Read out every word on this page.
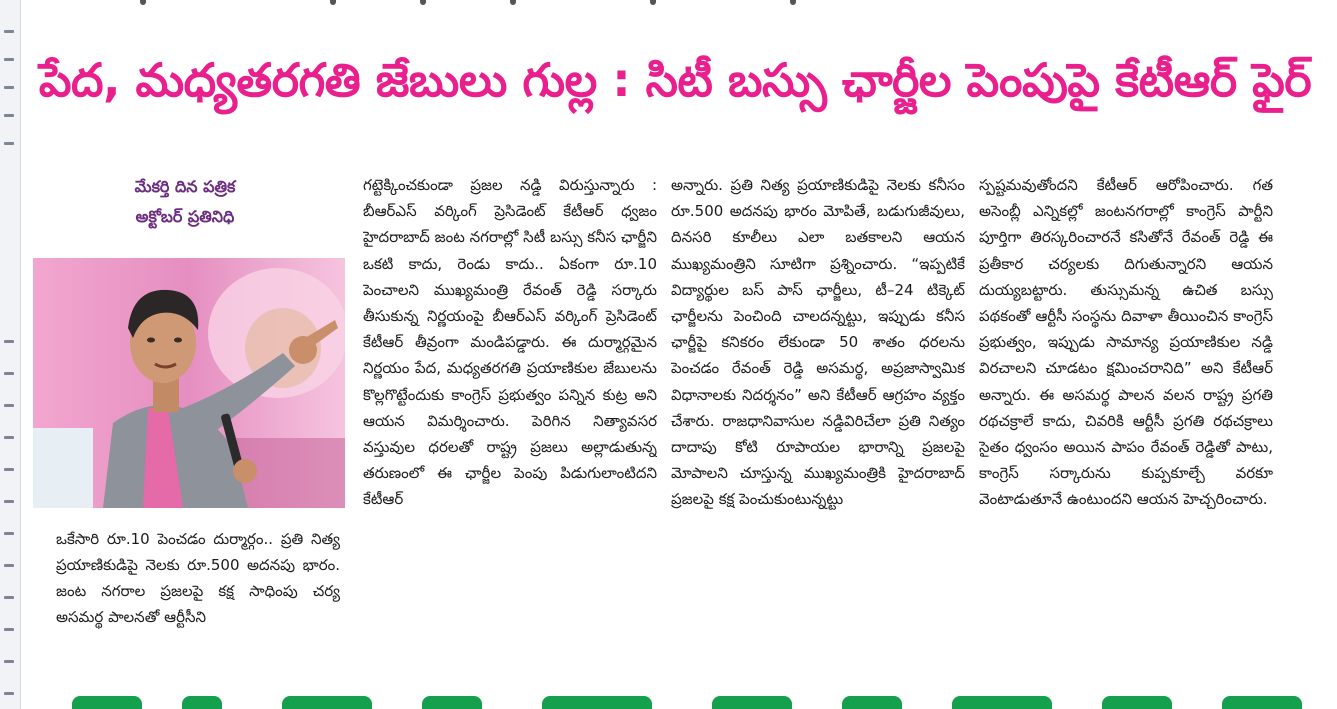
పేద, మధ్యతరగతి జేబులు గుల్ల : సిటీ బస్సు ఛార్జీల పెంపుపై కేటీఆర్ ఫైర్
మేకర్తి దిన పత్రిక
అక్టోబర్ ప్రతినిధి
ఒకేసారి రూ.10 పెంచడం దుర్మార్గం.. ప్రతి నిత్య ప్రయాణికుడిపై నెలకు రూ.500 అదనపు భారం. జంట నగరాల ప్రజలపై కక్ష సాధింపు చర్య అసమర్థ పాలనతో ఆర్టీసీని
గట్టెక్కించకుండా ప్రజల నడ్డి విరుస్తున్నారు : బీఆర్ఎస్ వర్కింగ్ ప్రెసిడెంట్ కేటీఆర్ ధ్వజం హైదరాబాద్ జంట నగరాల్లో సిటీ బస్సు కనీస ఛార్జీని ఒకటి కాదు, రెండు కాదు.. ఏకంగా రూ.10 పెంచాలని ముఖ్యమంత్రి రేవంత్ రెడ్డి సర్కారు తీసుకున్న నిర్ణయంపై బీఆర్ఎస్ వర్కింగ్ ప్రెసిడెంట్ కేటీఆర్ తీవ్రంగా మండిపడ్డారు. ఈ దుర్మార్గమైన నిర్ణయం పేద, మధ్యతరగతి ప్రయాణికుల జేబులను కొల్లగొట్టేందుకు కాంగ్రెస్ ప్రభుత్వం పన్నిన కుట్ర అని ఆయన విమర్శించారు. పెరిగిన నిత్యావసర వస్తువుల ధరలతో రాష్ట్ర ప్రజలు అల్లాడుతున్న తరుణంలో ఈ ఛార్జీల పెంపు పిడుగులాంటిదని కేటీఆర్
అన్నారు. ప్రతి నిత్య ప్రయాణికుడిపై నెలకు కనీసం రూ.500 అదనపు భారం మోపితే, బడుగుజీవులు, దినసరి కూలీలు ఎలా బతకాలని ఆయన ముఖ్యమంత్రిని సూటిగా ప్రశ్నించారు. “ఇప్పటికే విద్యార్థుల బస్ పాస్ ఛార్జీలు, టీ–24 టిక్కెట్ ఛార్జీలను పెంచింది చాలదన్నట్టు, ఇప్పుడు కనీస ఛార్జీపై కనికరం లేకుండా 50 శాతం ధరలను పెంచడం రేవంత్ రెడ్డి అసమర్థ, అప్రజాస్వామిక విధానాలకు నిదర్శనం” అని కేటీఆర్ ఆగ్రహం వ్యక్తం చేశారు. రాజధానివాసుల నడ్డివిరిచేలా ప్రతి నిత్యం దాదాపు కోటి రూపాయల భారాన్ని ప్రజలపై మోపాలని చూస్తున్న ముఖ్యమంత్రికి హైదరాబాద్ ప్రజలపై కక్ష పెంచుకుంటున్నట్టు
స్పష్టమవుతోందని కేటీఆర్ ఆరోపించారు. గత అసెంబ్లీ ఎన్నికల్లో జంటనగరాల్లో కాంగ్రెస్ పార్టీని పూర్తిగా తిరస్కరించారనే కసితోనే రేవంత్ రెడ్డి ఈ ప్రతీకార చర్యలకు దిగుతున్నారని ఆయన దుయ్యబట్టారు. తుస్సుమన్న ఉచిత బస్సు పథకంతో ఆర్టీసీ సంస్థను దివాళా తీయించిన కాంగ్రెస్ ప్రభుత్వం, ఇప్పుడు సామాన్య ప్రయాణికుల నడ్డి విరచాలని చూడటం క్షమించరానిది” అని కేటీఆర్ అన్నారు. ఈ అసమర్థ పాలన వలన రాష్ట్ర ప్రగతి రథచక్రాలే కాదు, చివరికి ఆర్టీసీ ప్రగతి రథచక్రాలు సైతం ధ్వంసం అయిన పాపం రేవంత్ రెడ్డితో పాటు, కాంగ్రెస్ సర్కారును కుప్పకూల్చే వరకూ వెంటాడుతూనే ఉంటుందని ఆయన హెచ్చరించారు.
